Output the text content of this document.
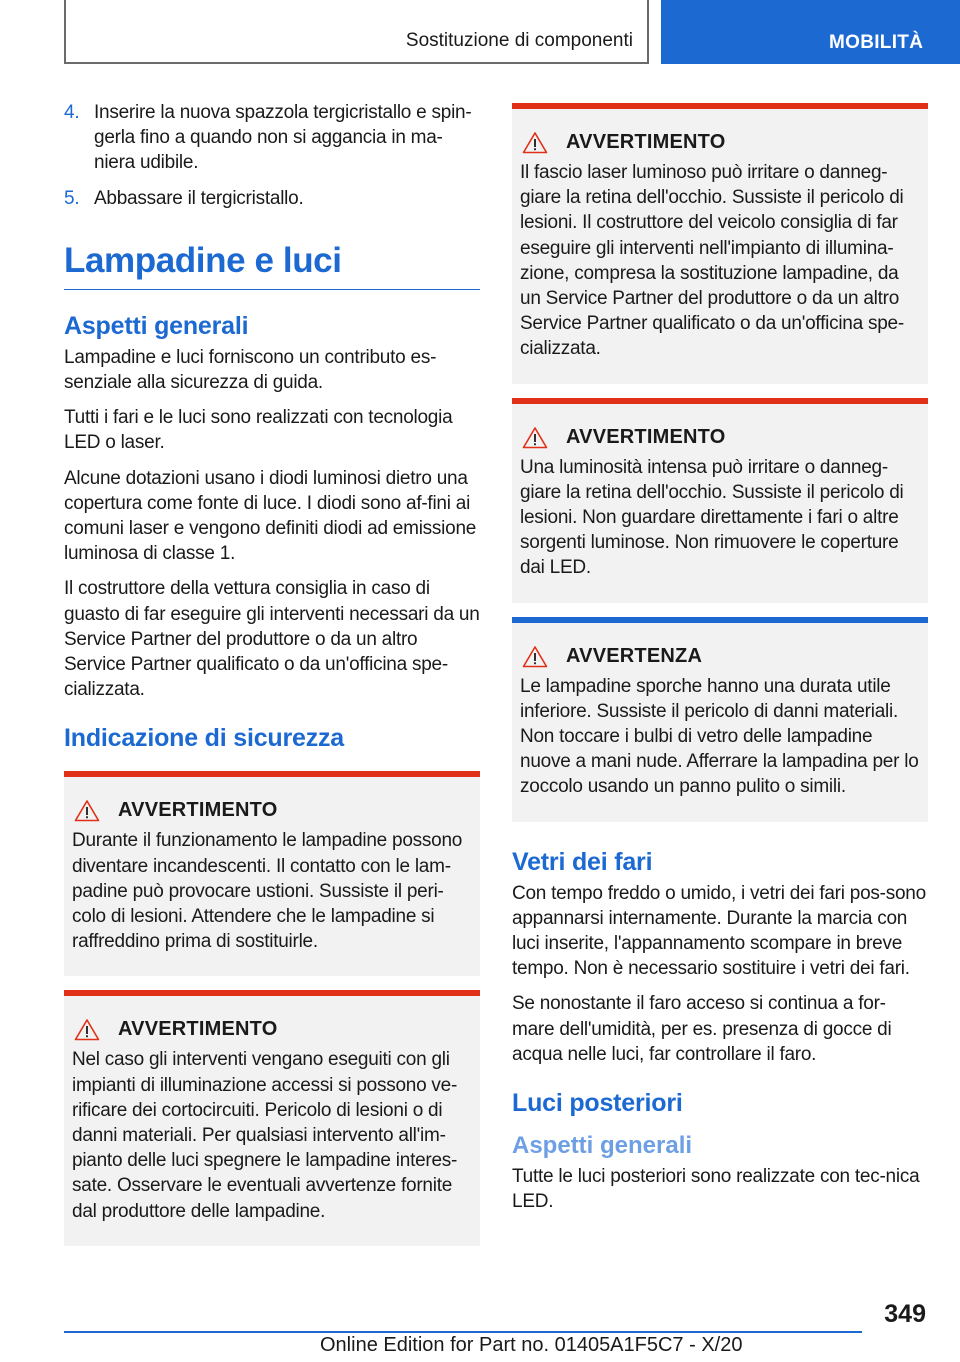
Sostituzione di componenti	MOBILITÀ
4. Inserire la nuova spazzola tergicristallo e spin-gerla fino a quando non si aggancia in ma-niera udibile.
5. Abbassare il tergicristallo.
Lampadine e luci
Aspetti generali

Lampadine e luci forniscono un contributo es-senziale alla sicurezza di guida.

Tutti i fari e le luci sono realizzati con tecnologia LED o laser.

Alcune dotazioni usano i diodi luminosi dietro una copertura come fonte di luce. I diodi sono af-fini ai comuni laser e vengono definiti diodi ad emissione luminosa di classe 1.

Il costruttore della vettura consiglia in caso di guasto di far eseguire gli interventi necessari da un Service Partner del produttore o da un altro Service Partner qualificato o da un'officina spe-cializzata.

Indicazione di sicurezza
AVVERTIMENTO
Durante il funzionamento le lampadine possono diventare incandescenti. Il contatto con le lam-padine può provocare ustioni. Sussiste il peri-colo di lesioni. Attendere che le lampadine si raffreddino prima di sostituirle.
AVVERTIMENTO
Nel caso gli interventi vengano eseguiti con gli impianti di illuminazione accessi si possono ve-rificare dei cortocircuiti. Pericolo di lesioni o di danni materiali. Per qualsiasi intervento all'im-pianto delle luci spegnere le lampadine interes-sate. Osservare le eventuali avvertenze fornite dal produttore delle lampadine.
AVVERTIMENTO
Il fascio laser luminoso può irritare o danneg-giare la retina dell'occhio. Sussiste il pericolo di lesioni. Il costruttore del veicolo consiglia di far eseguire gli interventi nell'impianto di illumina-zione, compresa la sostituzione lampadine, da un Service Partner del produttore o da un altro Service Partner qualificato o da un'officina spe-cializzata.
AVVERTIMENTO
Una luminosità intensa può irritare o danneg-giare la retina dell'occhio. Sussiste il pericolo di lesioni. Non guardare direttamente i fari o altre sorgenti luminose. Non rimuovere le coperture dai LED.
AVVERTENZA
Le lampadine sporche hanno una durata utile inferiore. Sussiste il pericolo di danni materiali. Non toccare i bulbi di vetro delle lampadine nuove a mani nude. Afferrare la lampadina per lo zoccolo usando un panno pulito o simili.
Vetri dei fari

Con tempo freddo o umido, i vetri dei fari pos-sono appannarsi internamente. Durante la marcia con luci inserite, l'appannamento scompare in breve tempo. Non è necessario sostituire i vetri dei fari.

Se nonostante il faro acceso si continua a for-mare dell'umidità, per es. presenza di gocce di acqua nelle luci, far controllare il faro.

Luci posteriori
Aspetti generali

Tutte le luci posteriori sono realizzate con tec-nica LED.

349
Online Edition for Part no. 01405A1F5C7 - X/20
